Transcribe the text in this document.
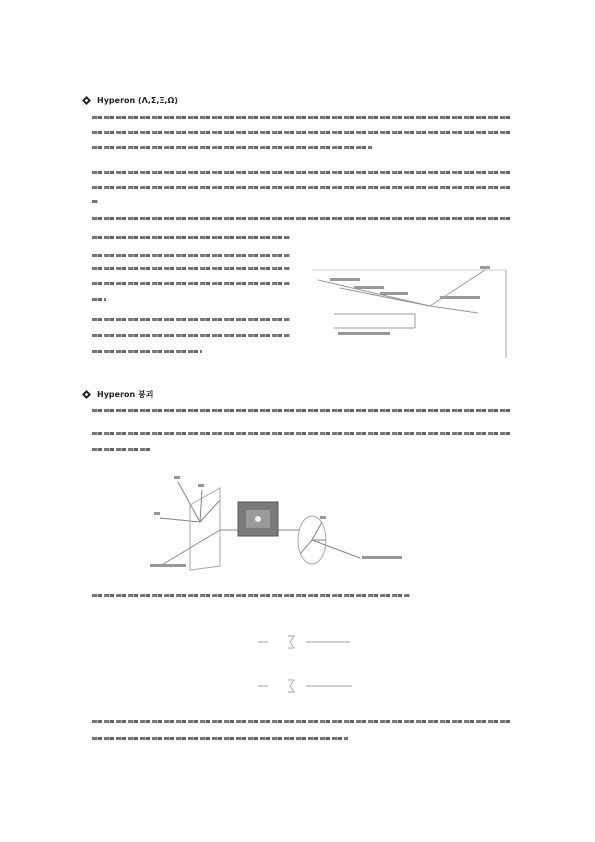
Hyperon (Λ,Σ,Ξ,Ω)
Hyperon 붕괴
